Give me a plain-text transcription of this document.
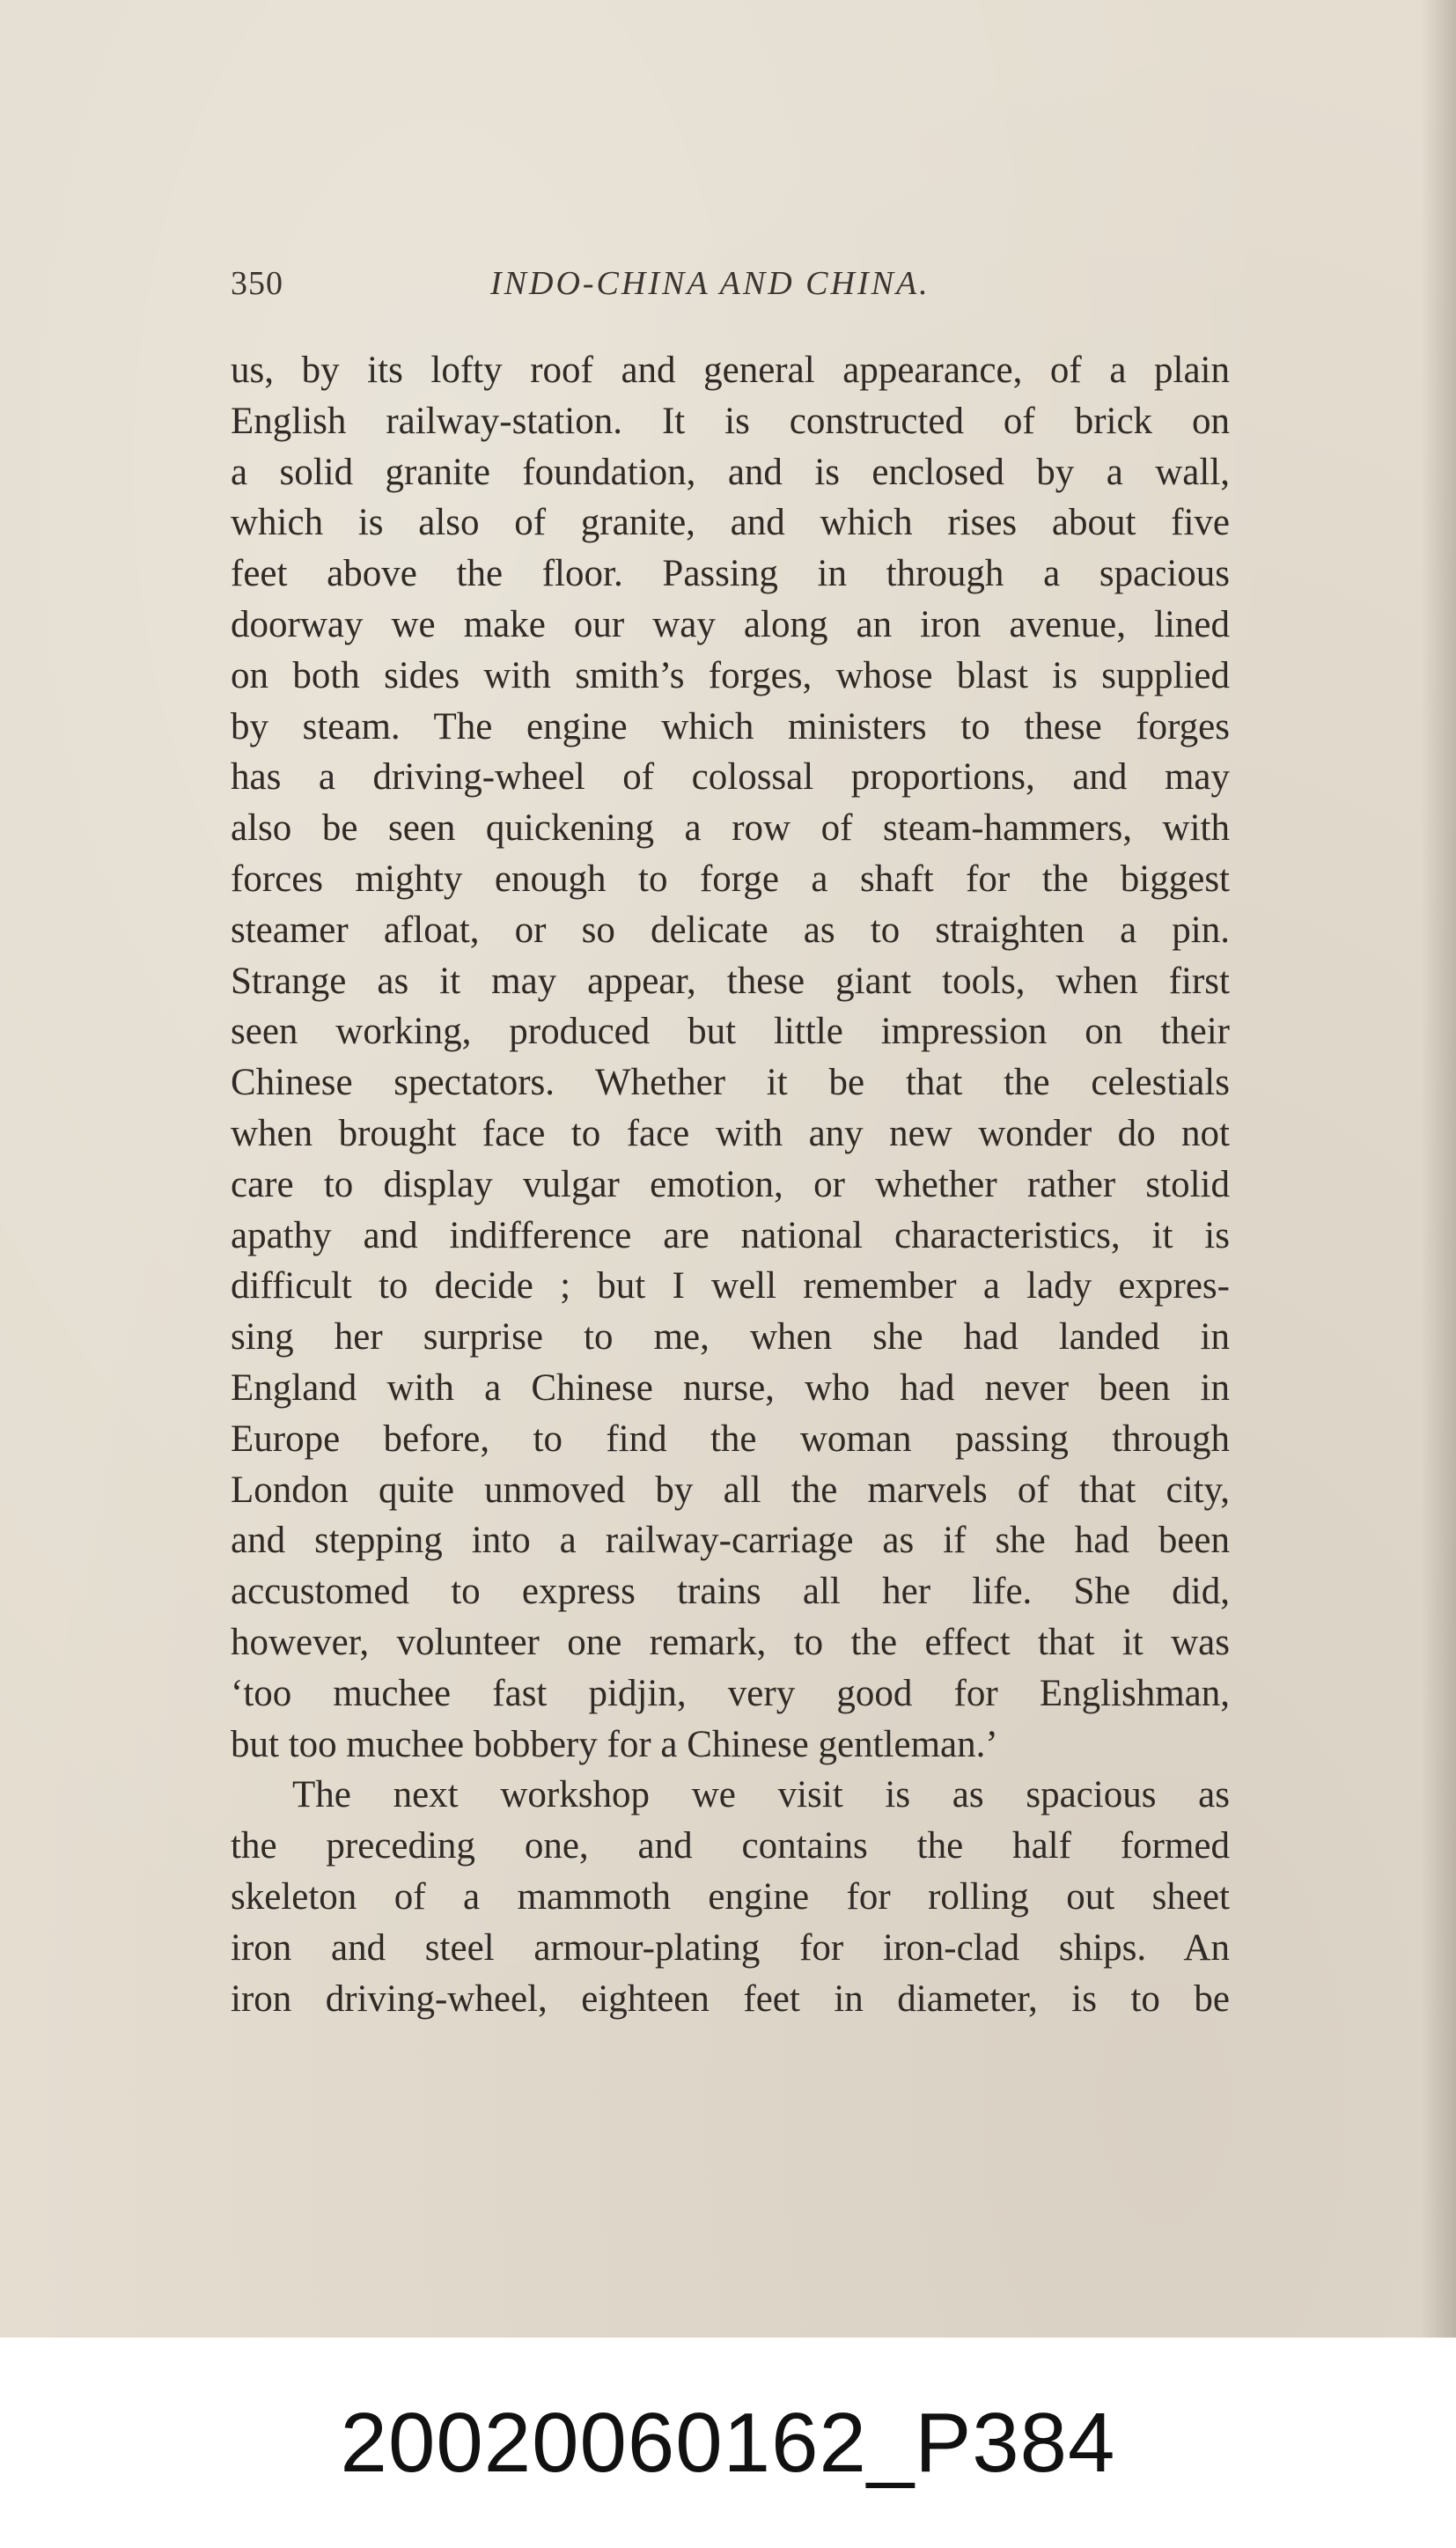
350	INDO-CHINA AND CHINA.
us, by its lofty roof and general appearance, of a plain
English railway-station. It is constructed of brick on
a solid granite foundation, and is enclosed by a wall,
which is also of granite, and which rises about five
feet above the floor. Passing in through a spacious
doorway we make our way along an iron avenue, lined
on both sides with smith’s forges, whose blast is supplied
by steam. The engine which ministers to these forges
has a driving-wheel of colossal proportions, and may
also be seen quickening a row of steam-hammers, with
forces mighty enough to forge a shaft for the biggest
steamer afloat, or so delicate as to straighten a pin.
Strange as it may appear, these giant tools, when first
seen working, produced but little impression on their
Chinese spectators. Whether it be that the celestials
when brought face to face with any new wonder do not
care to display vulgar emotion, or whether rather stolid
apathy and indifference are national characteristics, it is
difficult to decide ; but I well remember a lady expres-
sing her surprise to me, when she had landed in
England with a Chinese nurse, who had never been in
Europe before, to find the woman passing through
London quite unmoved by all the marvels of that city,
and stepping into a railway-carriage as if she had been
accustomed to express trains all her life. She did,
however, volunteer one remark, to the effect that it was
‘too muchee fast pidjin, very good for Englishman,
but too muchee bobbery for a Chinese gentleman.’
The next workshop we visit is as spacious as
the preceding one, and contains the half formed
skeleton of a mammoth engine for rolling out sheet
iron and steel armour-plating for iron-clad ships. An
iron driving-wheel, eighteen feet in diameter, is to be
20020060162_P384
